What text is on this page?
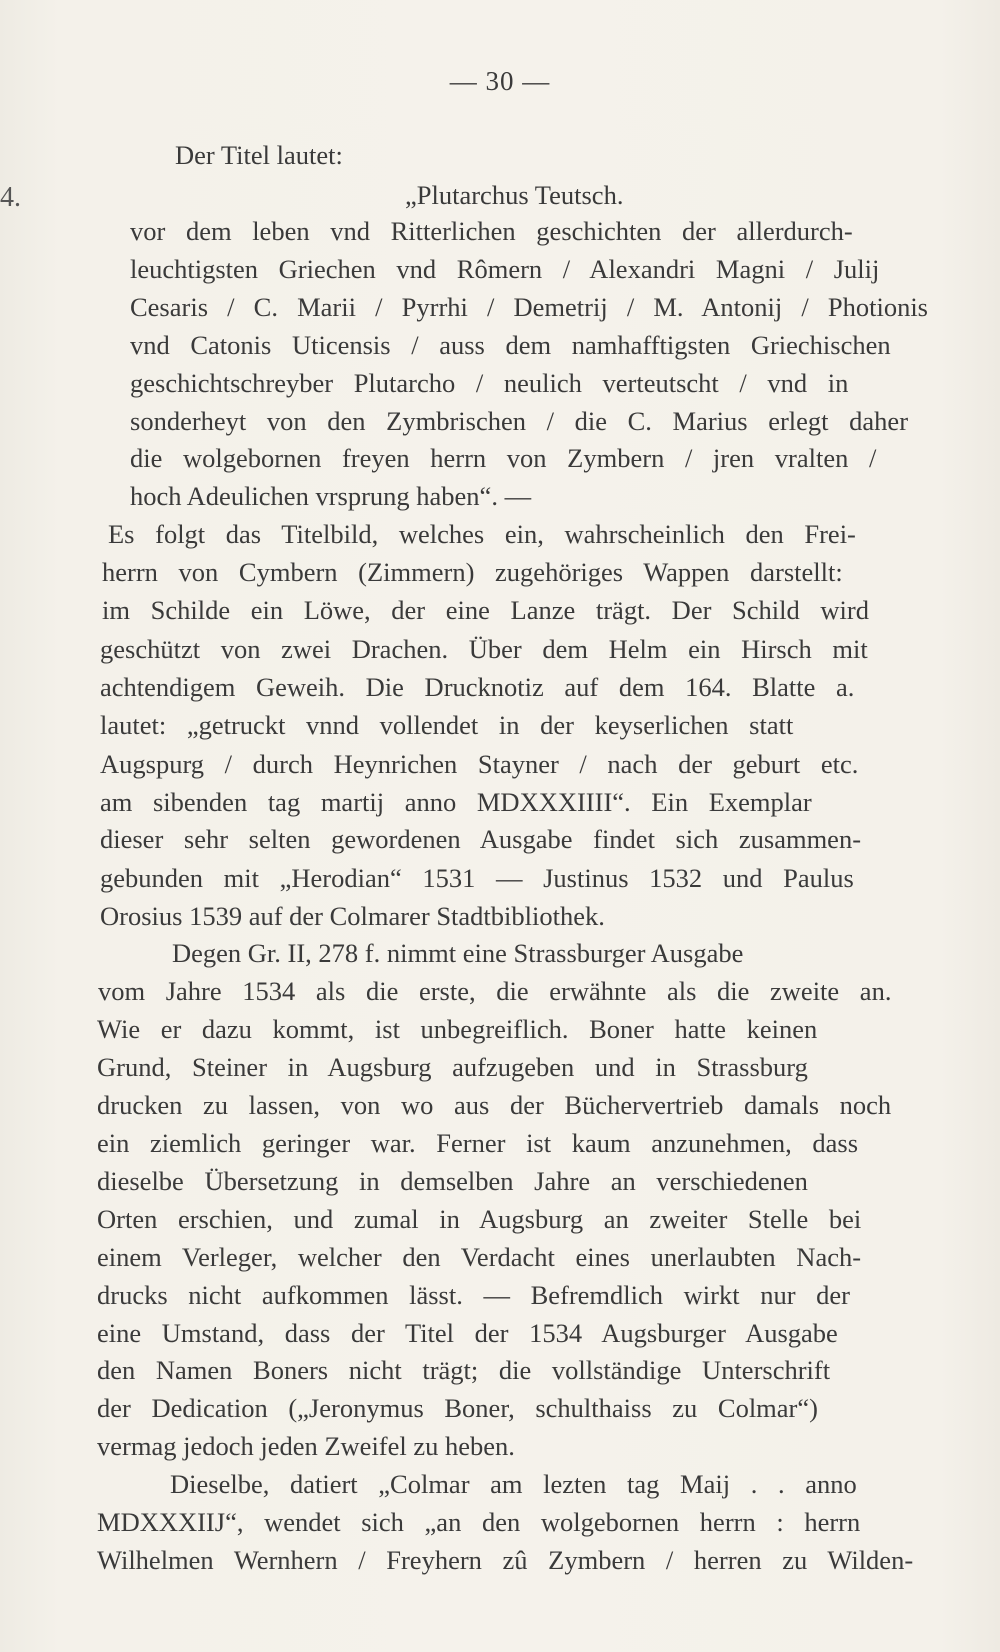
4.
— 30 —
Der Titel lautet:
„Plutarchus Teutsch.
vor dem leben vnd Ritterlichen geschichten der allerdurch-
leuchtigsten Griechen vnd Rômern / Alexandri Magni / Julij
Cesaris / C. Marii / Pyrrhi / Demetrij / M. Antonij / Photionis
vnd Catonis Uticensis / auss dem namhafftigsten Griechischen
geschichtschreyber Plutarcho / neulich verteutscht / vnd in
sonderheyt von den Zymbrischen / die C. Marius erlegt daher
die wolgebornen freyen herrn von Zymbern / jren vralten /
hoch Adeulichen vrsprung haben“. —
Es folgt das Titelbild, welches ein, wahrscheinlich den Frei-
herrn von Cymbern (Zimmern) zugehöriges Wappen darstellt:
im Schilde ein Löwe, der eine Lanze trägt. Der Schild wird
geschützt von zwei Drachen. Über dem Helm ein Hirsch mit
achtendigem Geweih. Die Drucknotiz auf dem 164. Blatte a.
lautet: „getruckt vnnd vollendet in der keyserlichen statt
Augspurg / durch Heynrichen Stayner / nach der geburt etc.
am sibenden tag martij anno MDXXXIIII“. Ein Exemplar
dieser sehr selten gewordenen Ausgabe findet sich zusammen-
gebunden mit „Herodian“ 1531 — Justinus 1532 und Paulus
Orosius 1539 auf der Colmarer Stadtbibliothek.
Degen Gr. II, 278 f. nimmt eine Strassburger Ausgabe
vom Jahre 1534 als die erste, die erwähnte als die zweite an.
Wie er dazu kommt, ist unbegreiflich. Boner hatte keinen
Grund, Steiner in Augsburg aufzugeben und in Strassburg
drucken zu lassen, von wo aus der Büchervertrieb damals noch
ein ziemlich geringer war. Ferner ist kaum anzunehmen, dass
dieselbe Übersetzung in demselben Jahre an verschiedenen
Orten erschien, und zumal in Augsburg an zweiter Stelle bei
einem Verleger, welcher den Verdacht eines unerlaubten Nach-
drucks nicht aufkommen lässt. — Befremdlich wirkt nur der
eine Umstand, dass der Titel der 1534 Augsburger Ausgabe
den Namen Boners nicht trägt; die vollständige Unterschrift
der Dedication („Jeronymus Boner, schulthaiss zu Colmar“)
vermag jedoch jeden Zweifel zu heben.
Dieselbe, datiert „Colmar am lezten tag Maij . . anno
MDXXXIIJ“, wendet sich „an den wolgebornen herrn : herrn
Wilhelmen Wernhern / Freyhern zû Zymbern / herren zu Wilden-
